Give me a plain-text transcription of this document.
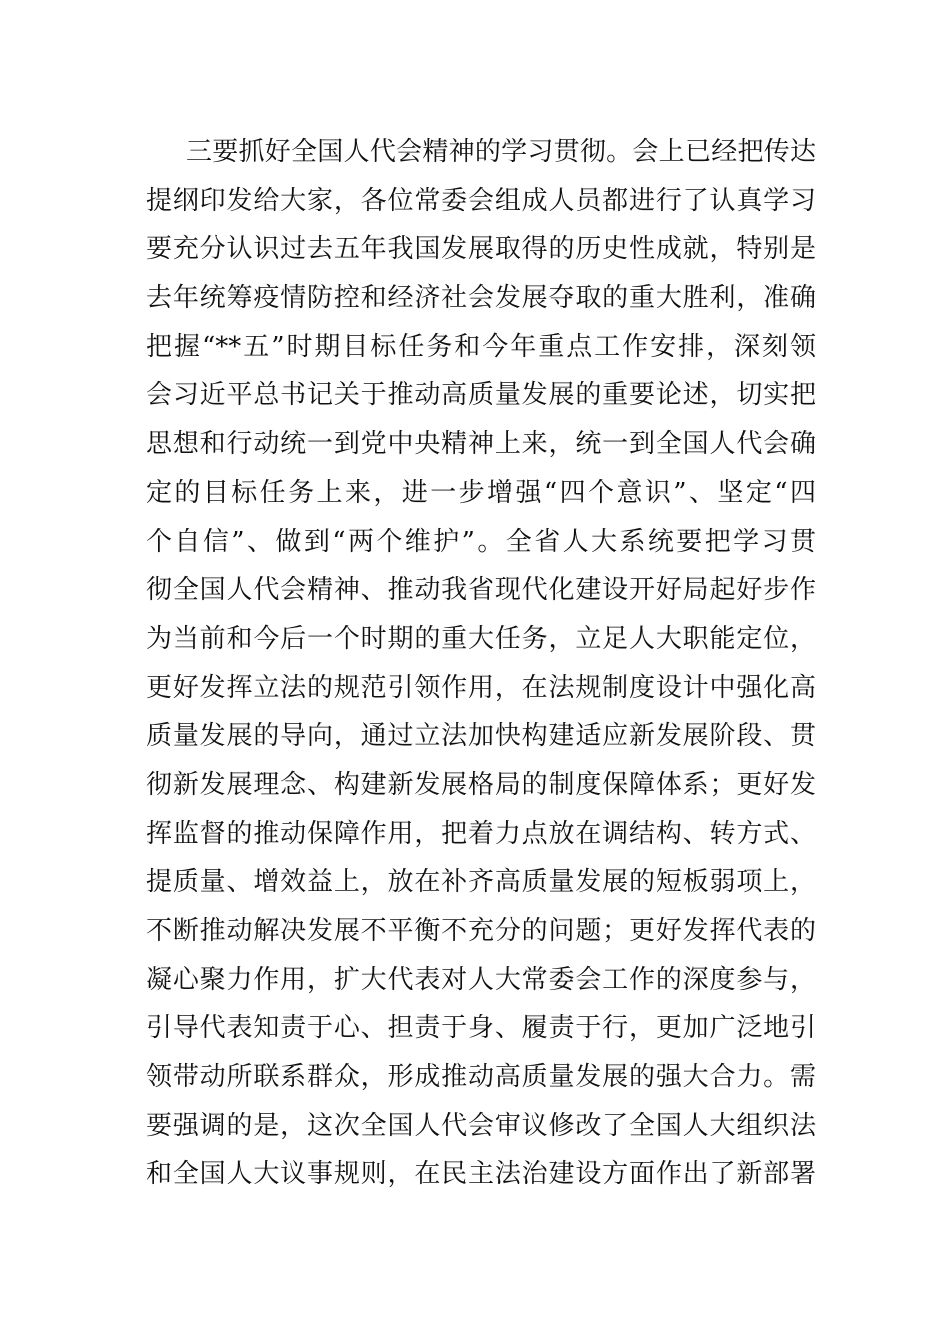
三要抓好全国人代会精神的学习贯彻。会上已经把传达
提纲印发给大家，各位常委会组成人员都进行了认真学习
要充分认识过去五年我国发展取得的历史性成就，特别是
去年统筹疫情防控和经济社会发展夺取的重大胜利，准确
把握“**五”时期目标任务和今年重点工作安排，深刻领
会习近平总书记关于推动高质量发展的重要论述，切实把
思想和行动统一到党中央精神上来，统一到全国人代会确
定的目标任务上来，进一步增强“四个意识”、坚定“四
个自信”、做到“两个维护”。全省人大系统要把学习贯
彻全国人代会精神、推动我省现代化建设开好局起好步作
为当前和今后一个时期的重大任务，立足人大职能定位，
更好发挥立法的规范引领作用，在法规制度设计中强化高
质量发展的导向，通过立法加快构建适应新发展阶段、贯
彻新发展理念、构建新发展格局的制度保障体系；更好发
挥监督的推动保障作用，把着力点放在调结构、转方式、
提质量、增效益上，放在补齐高质量发展的短板弱项上，
不断推动解决发展不平衡不充分的问题；更好发挥代表的
凝心聚力作用，扩大代表对人大常委会工作的深度参与，
引导代表知责于心、担责于身、履责于行，更加广泛地引
领带动所联系群众，形成推动高质量发展的强大合力。需
要强调的是，这次全国人代会审议修改了全国人大组织法
和全国人大议事规则，在民主法治建设方面作出了新部署
